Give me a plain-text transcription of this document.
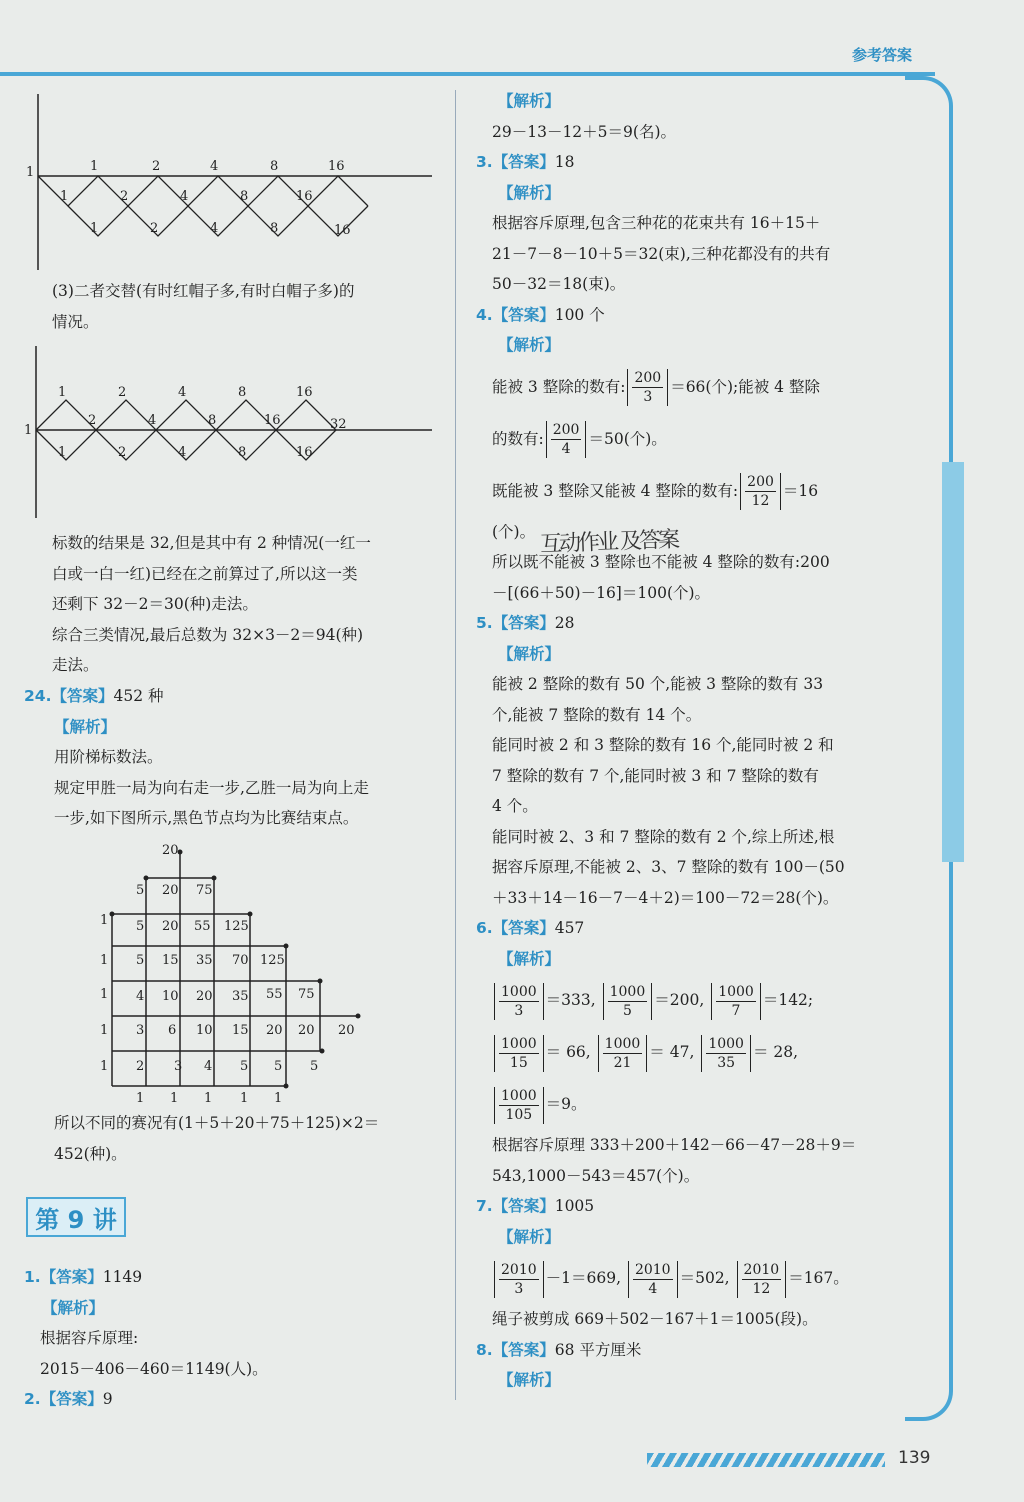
参考答案
1	1	2	4	8	16
1	2	4	8	16
1	2	4	8	16

(3)二者交替(有时红帽子多,有时白帽子多)的

情况。

1
1	2	4	8	16
2	4	8	16	32
1	2	4	8	16

标数的结果是 32,但是其中有 2 种情况(一红一

白或一白一红)已经在之前算过了,所以这一类

还剩下 32－2＝30(种)走法。

综合三类情况,最后总数为 32×3－2＝94(种)

走法。

24.【答案】452 种

【解析】

用阶梯标数法。

规定甲胜一局为向右走一步,乙胜一局为向上走

一步,如下图所示,黑色节点均为比赛结束点。

20
5 20 75
1 5 20 55 125
1 5 15 35 70 125
1 4 10 20 35 55 75
1 3 6 10 15 20 20 20
1 2 3 4 5 5 5
1 1 1 1 1

所以不同的赛况有(1＋5＋20＋75＋125)×2＝

452(种)。

第 9 讲

1.【答案】1149

【解析】

根据容斥原理:

2015－406－460＝1149(人)。

2.【答案】9

【解析】

29－13－12＋5＝9(名)。

3.【答案】18

【解析】

根据容斥原理,包含三种花的花束共有 16＋15＋

21－7－8－10＋5＝32(束),三种花都没有的共有

50－32＝18(束)。

4.【答案】100 个

【解析】

能被 3 整除的数有: $\frac{200}{3} =66$(个);能被 4 整除

的数有: $\frac{200}{4} =50$(个)。

既能被 3 整除又能被 4 整除的数有: $\frac{200}{12} =16$

(个)。

所以既不能被 3 整除也不能被 4 整除的数有:200

－[(66＋50)－16]＝100(个)。

5.【答案】28

【解析】

能被 2 整除的数有 50 个,能被 3 整除的数有 33

个,能被 7 整除的数有 14 个。

能同时被 2 和 3 整除的数有 16 个,能同时被 2 和

7 整除的数有 7 个,能同时被 3 和 7 整除的数有

4 个。

能同时被 2、3 和 7 整除的数有 2 个,综上所述,根

据容斥原理,不能被 2、3、7 整除的数有 100－(50

＋33＋14－16－7－4＋2)＝100－72＝28(个)。

6.【答案】457

【解析】

$\frac{1000}{3} =333$, $\frac{1000}{5} =200$, $\frac{1000}{7} =142$;

$\frac{1000}{15} = 66$, $\frac{1000}{21} = 47$, $\frac{1000}{35} = 28$,

$\frac{1000}{105} =9$。

根据容斥原理 333＋200＋142－66－47－28＋9＝

543,1000－543＝457(个)。

7.【答案】1005

【解析】

$\frac{2010}{3} -1=669$, $\frac{2010}{4} =502$, $\frac{2010}{12} =167$。

绳子被剪成 669＋502－167＋1＝1005(段)。

8.【答案】68 平方厘米

【解析】

互动作业 及答案
139
